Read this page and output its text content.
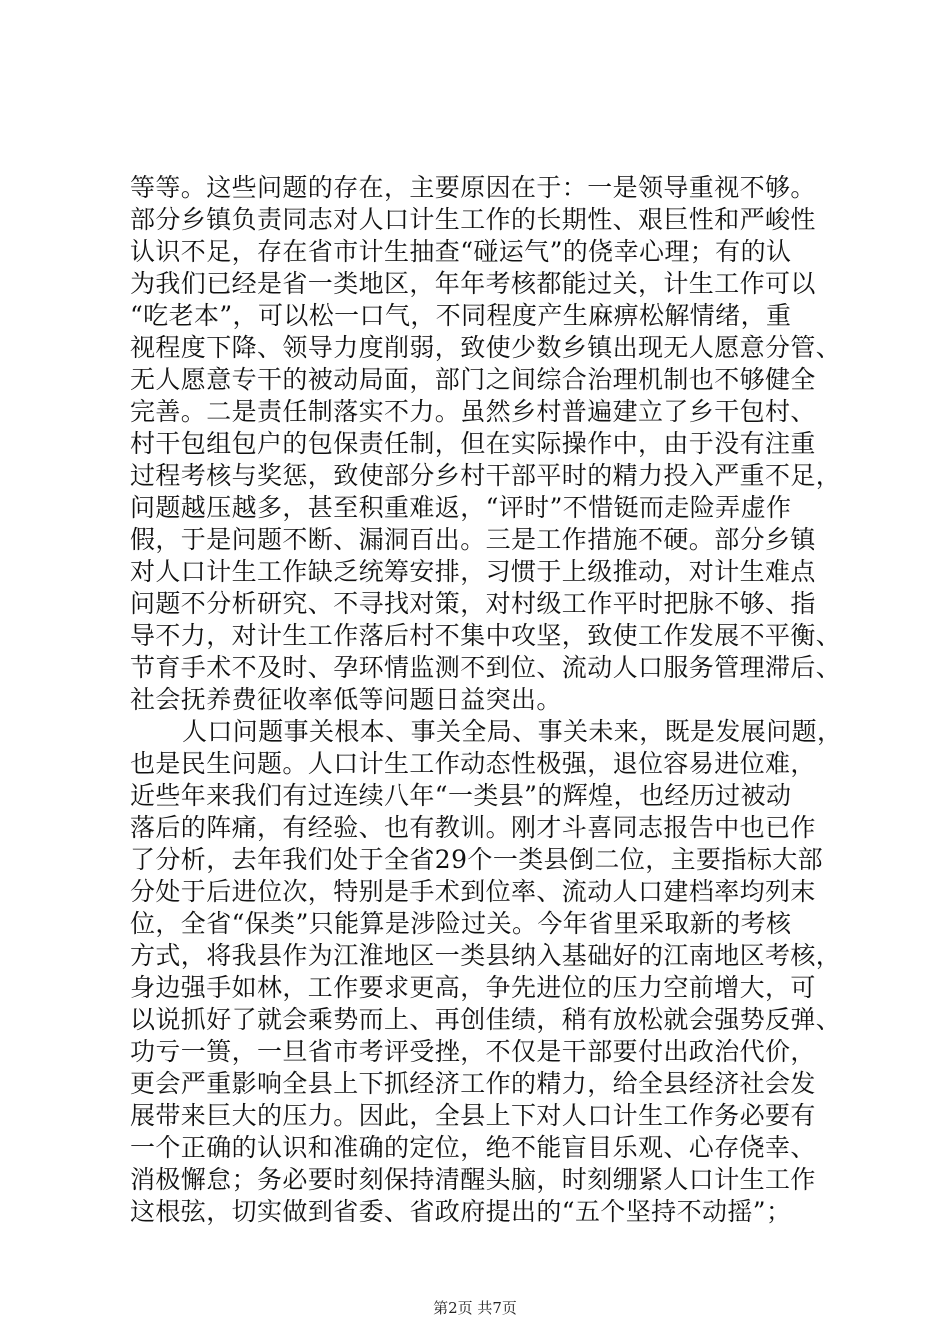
等等。这些问题的存在，主要原因在于：一是领导重视不够。
部分乡镇负责同志对人口计生工作的长期性、艰巨性和严峻性
认识不足，存在省市计生抽查“碰运气”的侥幸心理；有的认
为我们已经是省一类地区，年年考核都能过关，计生工作可以
“吃老本”，可以松一口气，不同程度产生麻痹松解情绪，重
视程度下降、领导力度削弱，致使少数乡镇出现无人愿意分管、
无人愿意专干的被动局面，部门之间综合治理机制也不够健全
完善。二是责任制落实不力。虽然乡村普遍建立了乡干包村、
村干包组包户的包保责任制，但在实际操作中，由于没有注重
过程考核与奖惩，致使部分乡村干部平时的精力投入严重不足，
问题越压越多，甚至积重难返，“评时”不惜铤而走险弄虚作
假，于是问题不断、漏洞百出。三是工作措施不硬。部分乡镇
对人口计生工作缺乏统筹安排，习惯于上级推动，对计生难点
问题不分析研究、不寻找对策，对村级工作平时把脉不够、指
导不力，对计生工作落后村不集中攻坚，致使工作发展不平衡、
节育手术不及时、孕环情监测不到位、流动人口服务管理滞后、
社会抚养费征收率低等问题日益突出。
人口问题事关根本、事关全局、事关未来，既是发展问题，
也是民生问题。人口计生工作动态性极强，退位容易进位难，
近些年来我们有过连续八年“一类县”的辉煌，也经历过被动
落后的阵痛，有经验、也有教训。刚才斗喜同志报告中也已作
了分析，去年我们处于全省29个一类县倒二位，主要指标大部
分处于后进位次，特别是手术到位率、流动人口建档率均列末
位，全省“保类”只能算是涉险过关。今年省里采取新的考核
方式，将我县作为江淮地区一类县纳入基础好的江南地区考核，
身边强手如林，工作要求更高，争先进位的压力空前增大，可
以说抓好了就会乘势而上、再创佳绩，稍有放松就会强势反弹、
功亏一篑，一旦省市考评受挫，不仅是干部要付出政治代价，
更会严重影响全县上下抓经济工作的精力，给全县经济社会发
展带来巨大的压力。因此，全县上下对人口计生工作务必要有
一个正确的认识和准确的定位，绝不能盲目乐观、心存侥幸、
消极懈怠；务必要时刻保持清醒头脑，时刻绷紧人口计生工作
这根弦，切实做到省委、省政府提出的“五个坚持不动摇”；
第2页 共7页
